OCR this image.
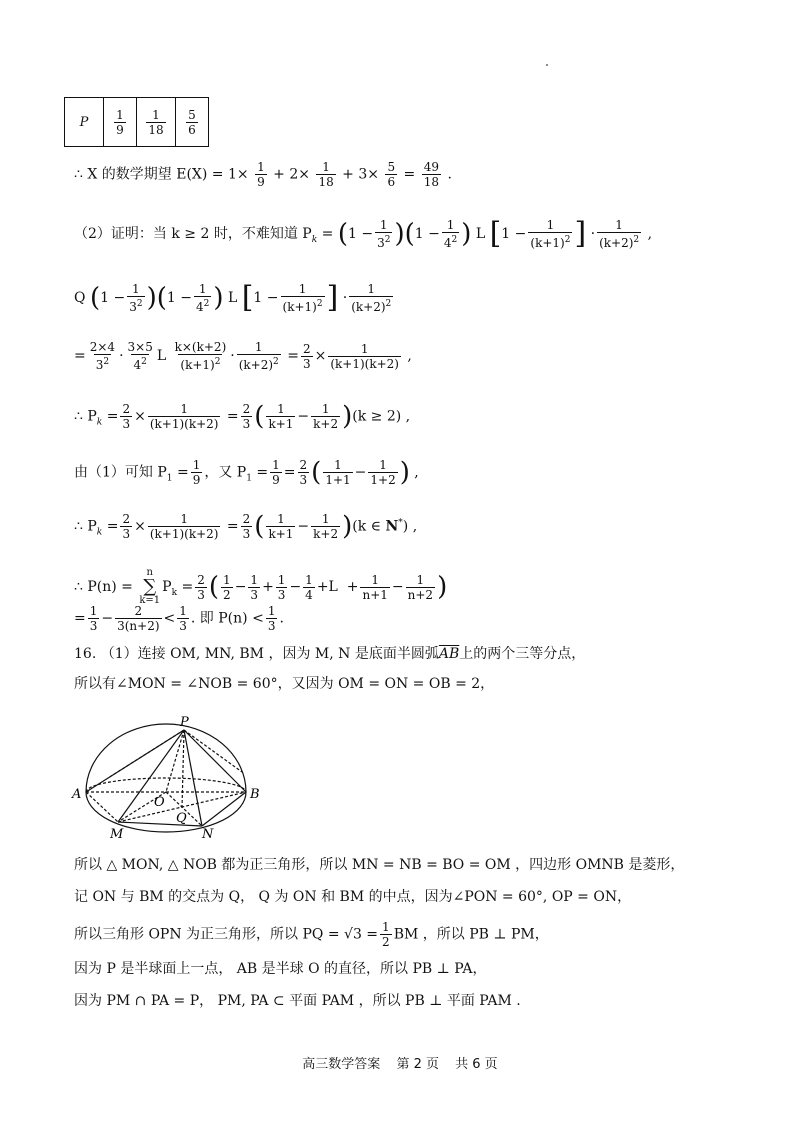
P	$\frac{1}{9}$	$\frac{1}{18}$	$\frac{5}{6}$
∴ X 的数学期望 $E(X) = 1\times \frac{1}{9} + 2\times \frac{1}{18} + 3\times \frac{5}{6} = \frac{49}{18}$ .
（2）证明：当 k ≥ 2 时，不难知道 $P_k = (1 - \frac{1}{3^2} )(1 - \frac{1}{4^2}$ ) L [$1 - \frac{1}{(k+1)^2}$ ] · $\frac{1}{(k+2)^2}$ ,
Q $(1 - \frac{1}{3^2} )(1 - \frac{1}{4^2}$ ) L [$1 - \frac{1}{(k+1)^2}$ ] · $\frac{1}{(k+2)^2}$
= $\frac{2\times 4}{3^2} \cdot \frac{3\times 5}{4^2}$ L $\frac{k\times(k+2)}{(k+1)^2} \cdot \frac{1}{(k+2)^2} = \frac{2}{3} \times \frac{1}{(k+1)(k+2)}$ ,
∴ $P_k = \frac{2}{3} \times \frac{1}{(k+1)(k+2)} = \frac{2}{3}$ ( $\frac{1}{k+1} - \frac{1}{k+2} )(k \ge 2)$ ,
由（1）可知 $P_1 = \frac{1}{9}$ ，又 $P_1 = \frac{1}{9} = \frac{2}{3}$ ( $\frac{1}{1+1} - \frac{1}{1+2}$ ) ,
∴ $P_k = \frac{2}{3} \times \frac{1}{(k+1)(k+2)} = \frac{2}{3}$ ( $\frac{1}{k+1} - \frac{1}{k+2} )(k$ ∈ N*) ,
∴ P(n) =
n
∑
k=1
$P_k = \frac{2}{3}$ ( $\frac{1}{2} - \frac{1}{3} + \frac{1}{3} - \frac{1}{4} +L + \frac{1}{n+1} - \frac{1}{n+2}$ )
= $\frac{1}{3} - \frac{2}{3(n+2)} < \frac{1}{3}$ . 即 $P(n) < \frac{1}{3}$ .
16. （1）连接 OM, MN, BM ，因为 M, N 是底面半圆弧$\overline{AB}$上的两个三等分点，
所以有∠MON = ∠NOB = 60°，又因为 OM = ON = OB = 2，
P
A	B
O
Q
M	N
所以 △ MON, △ NOB 都为正三角形，所以 MN = NB = BO = OM ，四边形 OMNB 是菱形，
记 ON 与 BM 的交点为 Q， Q 为 ON 和 BM 的中点，因为∠PON = 60°, OP = ON，
所以三角形 OPN 为正三角形，所以 PQ = $√3 = \frac{1}{2}$ BM ，所以 PB ⊥ PM，
因为 P 是半球面上一点， AB 是半球 O 的直径，所以 PB ⊥ PA，
因为 PM ∩ PA = P， PM, PA ⊂ 平面 PAM ，所以 PB ⊥ 平面 PAM .
高三数学答案 第 2 页 共 6 页
